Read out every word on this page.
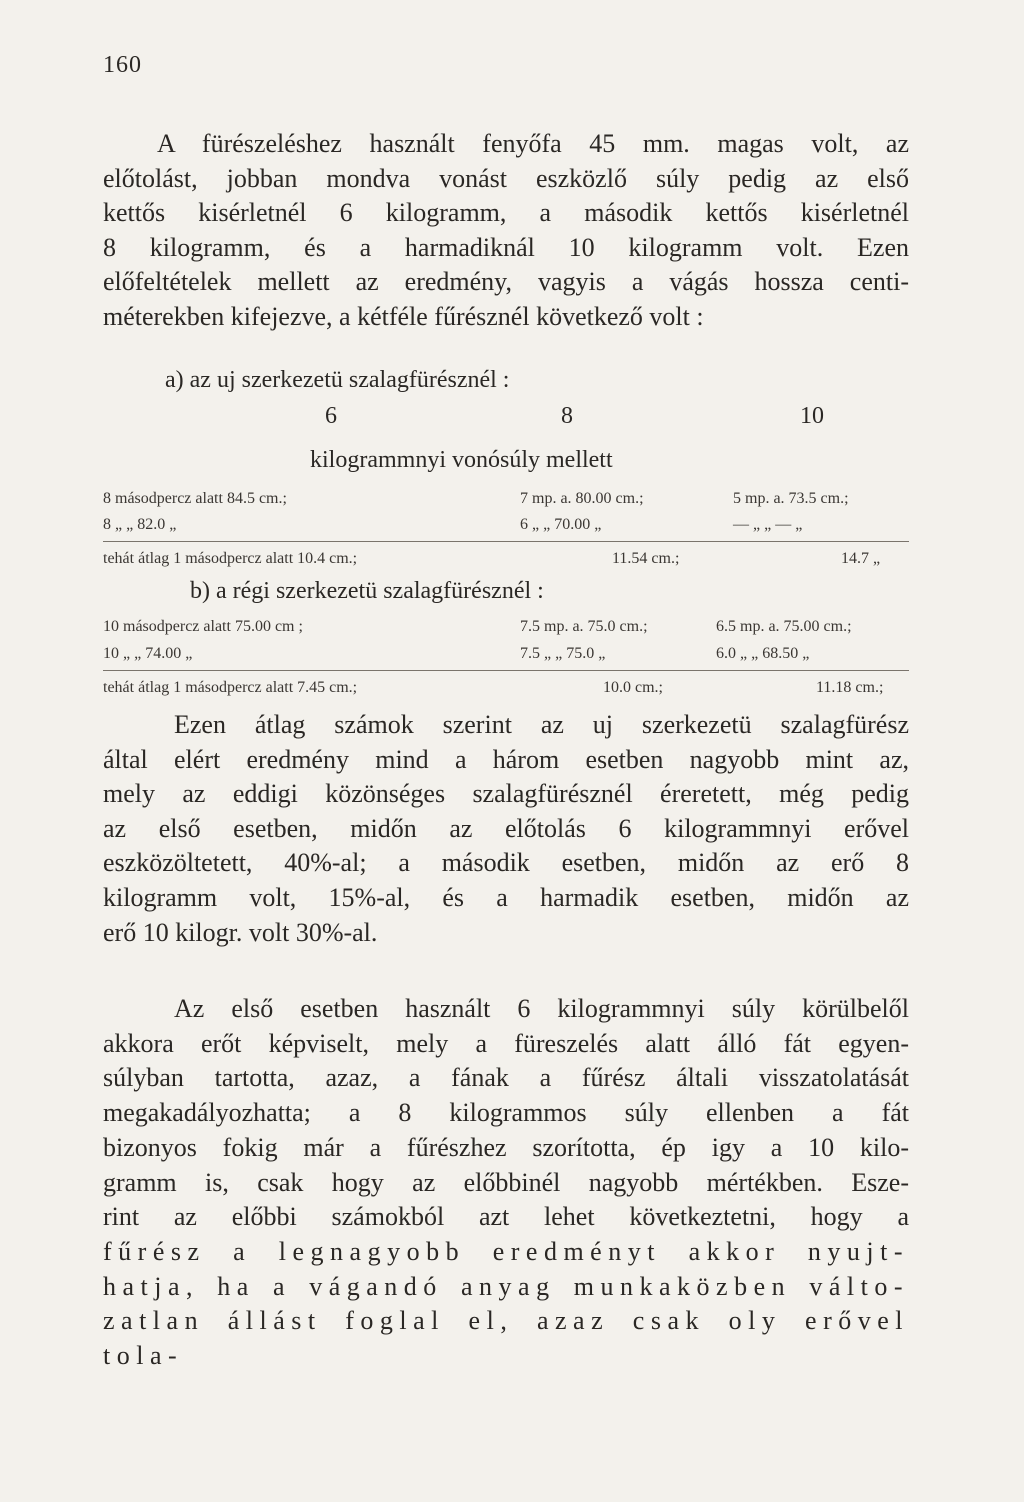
160
A fürészeléshez használt fenyőfa 45 mm. magas volt, az
előtolást, jobban mondva vonást eszközlő súly pedig az első
kettős kisérletnél 6 kilogramm, a második kettős kisérletnél
8 kilogramm, és a harmadiknál 10 kilogramm volt. Ezen
előfeltételek mellett az eredmény, vagyis a vágás hossza centi-
méterekben kifejezve, a kétféle fűrésznél következő volt :
a) az uj szerkezetü szalagfürésznél :
6	8	10
kilogrammnyi vonósúly mellett
8 másodpercz alatt 84.5 cm.;	7 mp. a. 80.00 cm.;	5 mp. a. 73.5 cm.;
8 „ „ 82.0 „	6 „ „ 70.00 „	— „ „ — „
tehát átlag 1 másodpercz alatt 10.4 cm.;	11.54 cm.;	14.7 „
b) a régi szerkezetü szalagfürésznél :
10 másodpercz alatt 75.00 cm ;	7.5 mp. a. 75.0 cm.;	6.5 mp. a. 75.00 cm.;
10 „ „ 74.00 „	7.5 „ „ 75.0 „	6.0 „ „ 68.50 „
tehát átlag 1 másodpercz alatt 7.45 cm.;	10.0 cm.;	11.18 cm.;
Ezen átlag számok szerint az uj szerkezetü szalagfürész
által elért eredmény mind a három esetben nagyobb mint az,
mely az eddigi közönséges szalagfürésznél éreretett, még pedig
az első esetben, midőn az előtolás 6 kilogrammnyi erővel
eszközöltetett, 40%-al; a második esetben, midőn az erő 8
kilogramm volt, 15%-al, és a harmadik esetben, midőn az
erő 10 kilogr. volt 30%-al.
Az első esetben használt 6 kilogrammnyi súly körülbelől
akkora erőt képviselt, mely a füreszelés alatt álló fát egyen-
súlyban tartotta, azaz, a fának a fűrész általi visszatolatását
megakadályozhatta; a 8 kilogrammos súly ellenben a fát
bizonyos fokig már a fűrészhez szorította, ép igy a 10 kilo-
gramm is, csak hogy az előbbinél nagyobb mértékben. Esze-
rint az előbbi számokból azt lehet következtetni, hogy a
fűrész a legnagyobb eredményt akkor nyujt-
hatja, ha a vágandó anyag munkaközben válto-
zatlan állást foglal el, azaz csak oly erővel tola-
